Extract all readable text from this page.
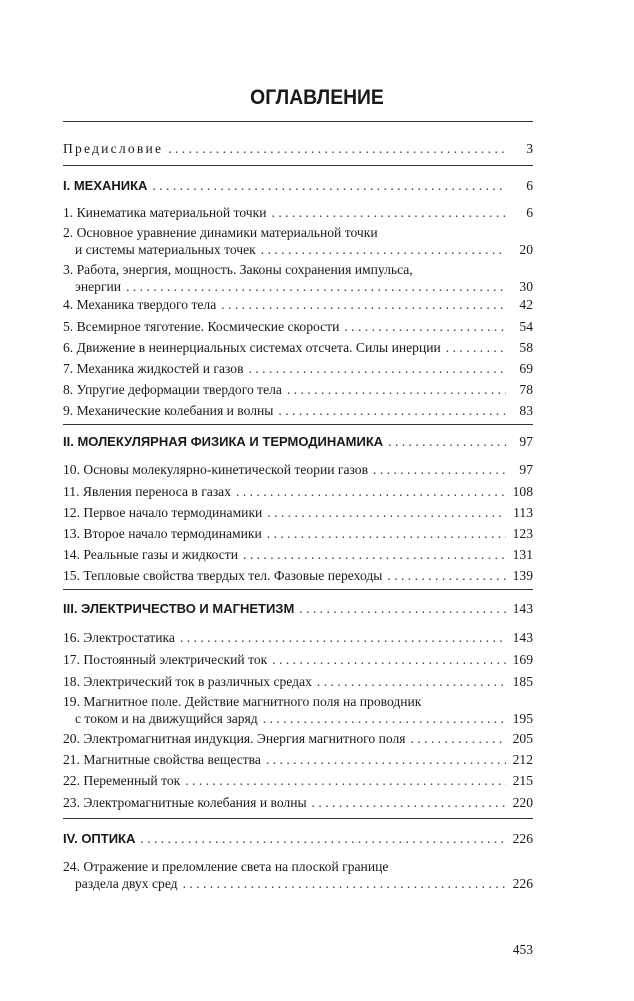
ОГЛАВЛЕНИЕ
Предисловие . . .	3
I. МЕХАНИКА . . .	6
1. Кинематика материальной точки . . .	6
2. Основное уравнение динамики материальной точки
и системы материальных точек . . .	20
3. Работа, энергия, мощность. Законы сохранения импульса,
энергии . . .	30
4. Механика твердого тела . . .	42
5. Всемирное тяготение. Космические скорости . . .	54
6. Движение в неинерциальных системах отсчета. Силы инерции . . .	58
7. Механика жидкостей и газов . . .	69
8. Упругие деформации твердого тела . . .	78
9. Механические колебания и волны . . .	83
II. МОЛЕКУЛЯРНАЯ ФИЗИКА И ТЕРМОДИНАМИКА . . .	97
10. Основы молекулярно-кинетической теории газов . . .	97
11. Явления переноса в газах . . .	108
12. Первое начало термодинамики . . .	113
13. Второе начало термодинамики . . .	123
14. Реальные газы и жидкости . . .	131
15. Тепловые свойства твердых тел. Фазовые переходы . . .	139
III. ЭЛЕКТРИЧЕСТВО И МАГНЕТИЗМ . . .	143
16. Электростатика . . .	143
17. Постоянный электрический ток . . .	169
18. Электрический ток в различных средах . . .	185
19. Магнитное поле. Действие магнитного поля на проводник
с током и на движущийся заряд . . .	195
20. Электромагнитная индукция. Энергия магнитного поля . . .	205
21. Магнитные свойства вещества . . .	212
22. Переменный ток . . .	215
23. Электромагнитные колебания и волны . . .	220
IV. ОПТИКА . . .	226
24. Отражение и преломление света на плоской границе
раздела двух сред . . .	226
453
